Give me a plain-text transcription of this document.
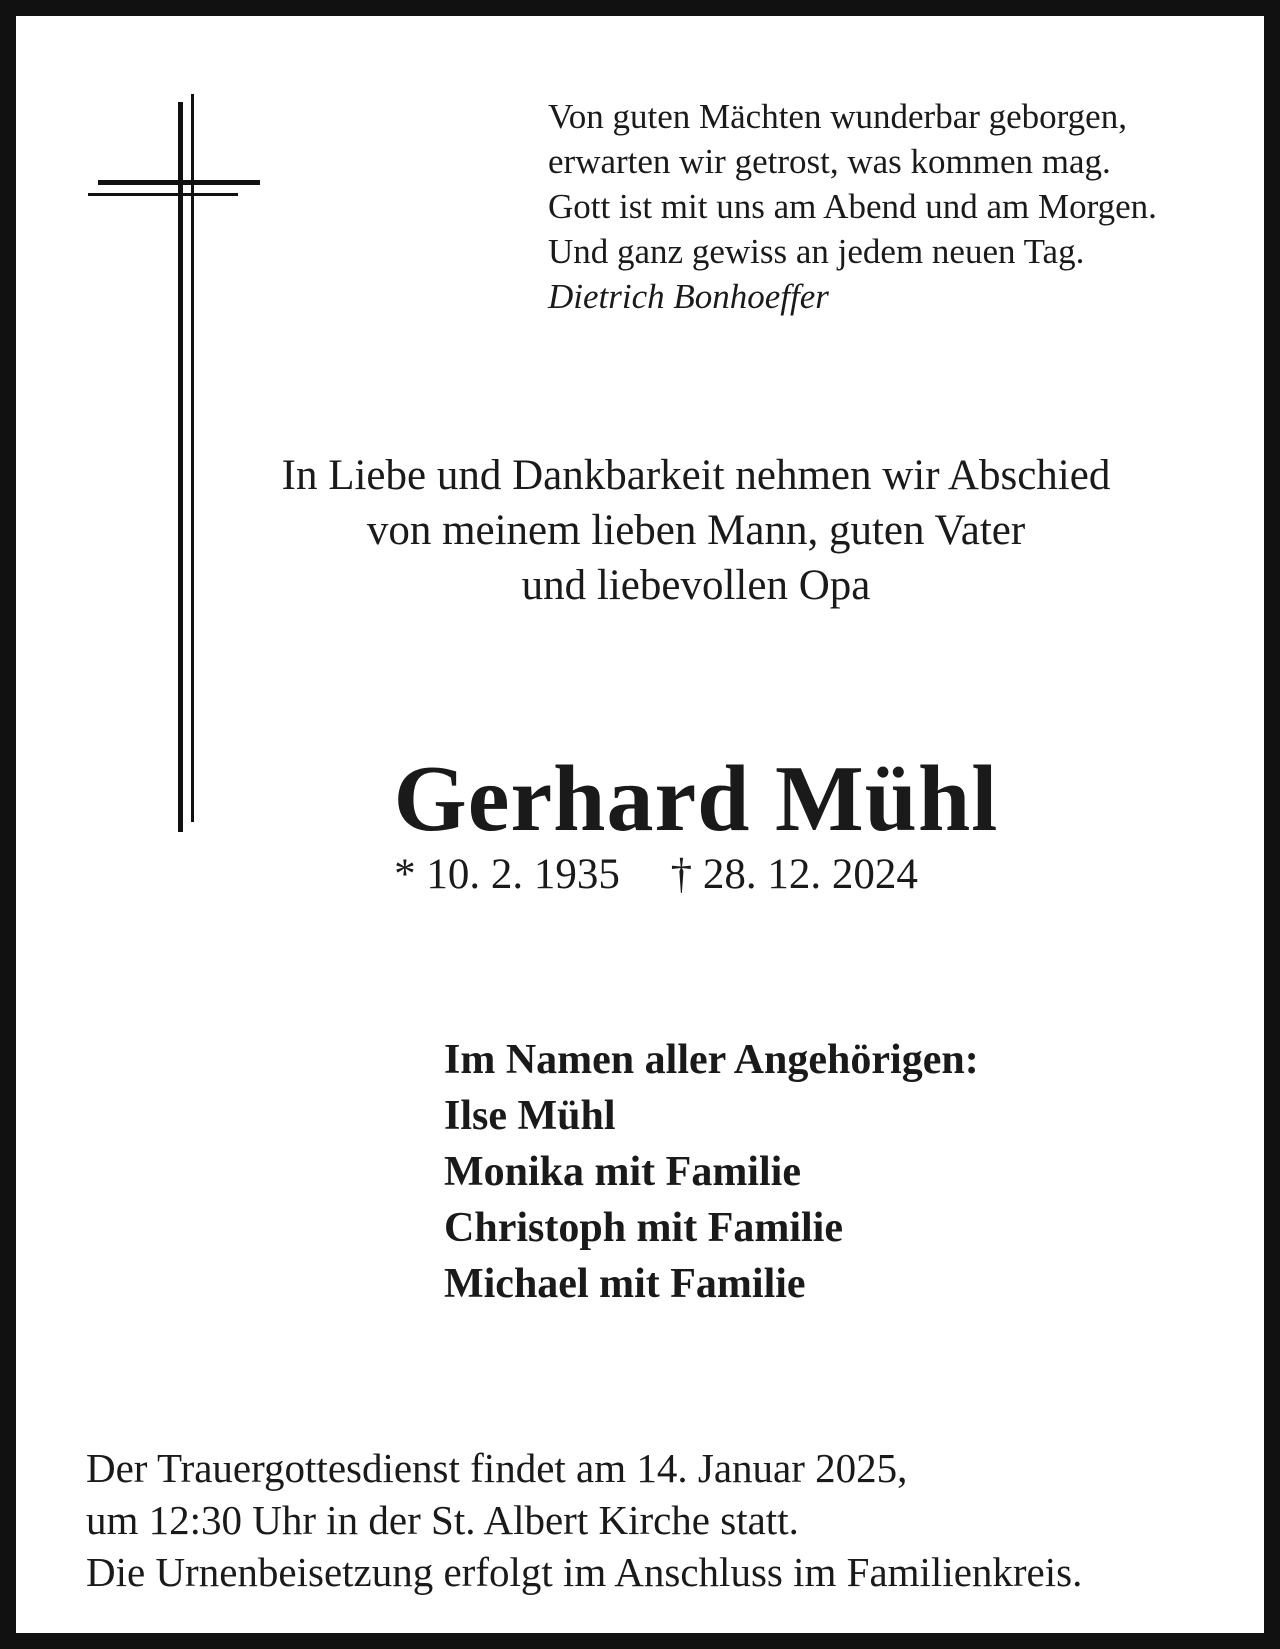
Von guten Mächten wunderbar geborgen,
erwarten wir getrost, was kommen mag.
Gott ist mit uns am Abend und am Morgen.
Und ganz gewiss an jedem neuen Tag.
Dietrich Bonhoeffer
In Liebe und Dankbarkeit nehmen wir Abschied
von meinem lieben Mann, guten Vater
und liebevollen Opa
Gerhard Mühl
* 10. 2. 1935 † 28. 12. 2024
Im Namen aller Angehörigen:
Ilse Mühl
Monika mit Familie
Christoph mit Familie
Michael mit Familie
Der Trauergottesdienst findet am 14. Januar 2025,
um 12:30 Uhr in der St. Albert Kirche statt.
Die Urnenbeisetzung erfolgt im Anschluss im Familienkreis.
